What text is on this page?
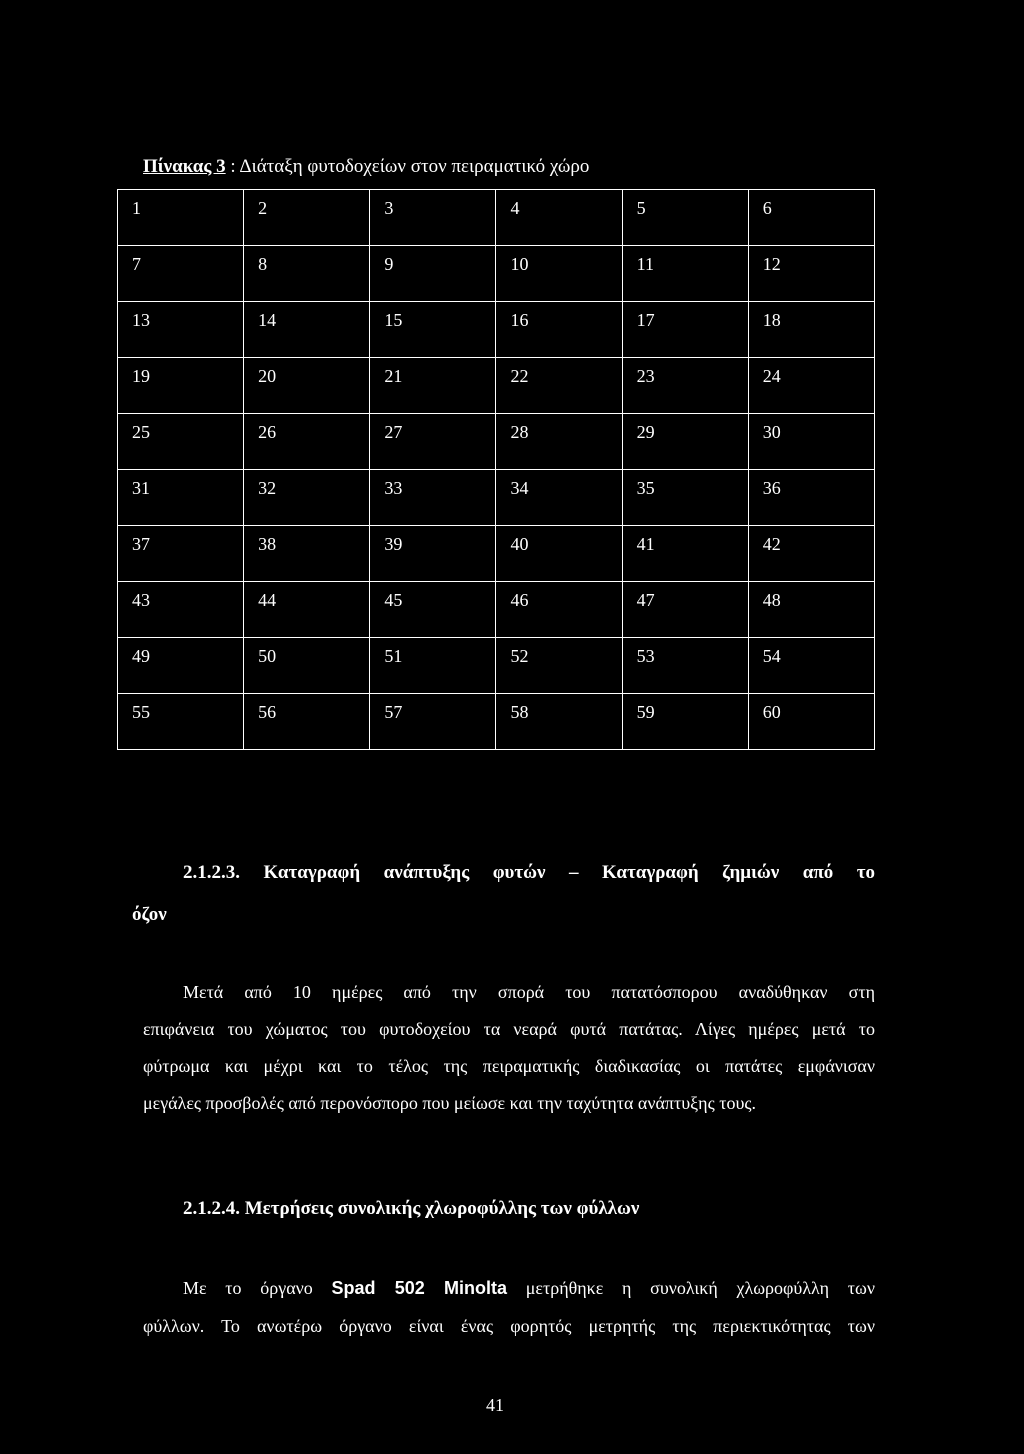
Πίνακας 3 : Διάταξη φυτοδοχείων στον πειραματικό χώρο
1	2	3	4	5	6
7	8	9	10	11	12
13	14	15	16	17	18
19	20	21	22	23	24
25	26	27	28	29	30
31	32	33	34	35	36
37	38	39	40	41	42
43	44	45	46	47	48
49	50	51	52	53	54
55	56	57	58	59	60
2.1.2.3. Καταγραφή ανάπτυξης φυτών – Καταγραφή ζημιών από το
όζον
Μετά από 10 ημέρες από την σπορά του πατατόσπορου αναδύθηκαν στη
επιφάνεια του χώματος του φυτοδοχείου τα νεαρά φυτά πατάτας. Λίγες ημέρες μετά το
φύτρωμα και μέχρι και το τέλος της πειραματικής διαδικασίας οι πατάτες εμφάνισαν
μεγάλες προσβολές από περονόσπορο που μείωσε και την ταχύτητα ανάπτυξης τους.
2.1.2.4. Μετρήσεις συνολικής χλωροφύλλης των φύλλων
Με το όργανο Spad 502 Minolta μετρήθηκε η συνολική χλωροφύλλη των
φύλλων. Το ανωτέρω όργανο είναι ένας φορητός μετρητής της περιεκτικότητας των
41
